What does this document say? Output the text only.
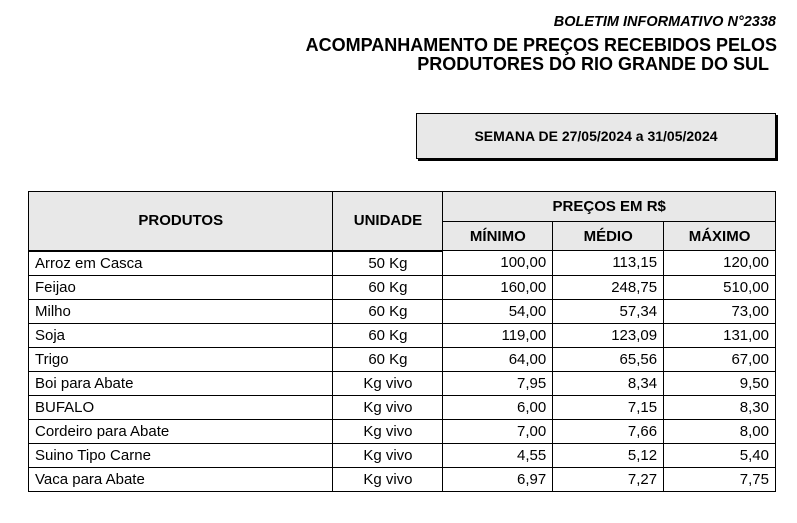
BOLETIM INFORMATIVO N°2338
ACOMPANHAMENTO DE PREÇOS RECEBIDOS PELOS
PRODUTORES DO RIO GRANDE DO SUL
SEMANA DE 27/05/2024 a 31/05/2024
PRODUTOS	UNIDADE	PREÇOS EM R$		
		MÍNIMO	MÉDIO	MÁXIMO
Arroz em Casca	50 Kg	100,00	113,15	120,00
Feijao	60 Kg	160,00	248,75	510,00
Milho	60 Kg	54,00	57,34	73,00
Soja	60 Kg	119,00	123,09	131,00
Trigo	60 Kg	64,00	65,56	67,00
Boi para Abate	Kg vivo	7,95	8,34	9,50
BUFALO	Kg vivo	6,00	7,15	8,30
Cordeiro para Abate	Kg vivo	7,00	7,66	8,00
Suino Tipo Carne	Kg vivo	4,55	5,12	5,40
Vaca para Abate	Kg vivo	6,97	7,27	7,75
